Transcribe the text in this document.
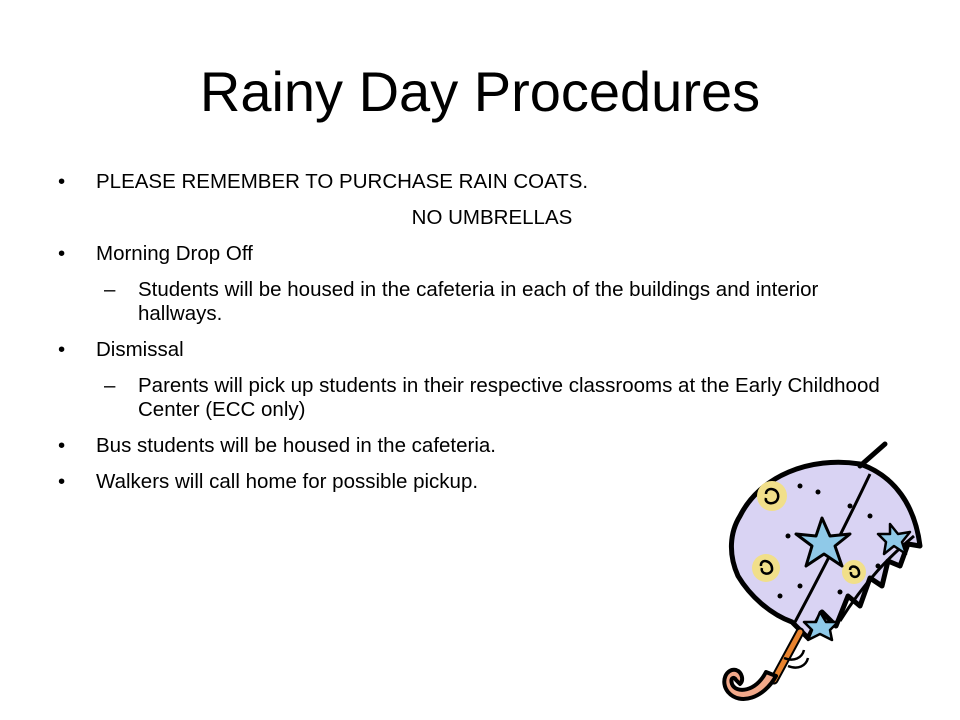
Rainy Day Procedures
• PLEASE REMEMBER TO PURCHASE RAIN COATS.
NO UMBRELLAS
• Morning Drop Off
– Students will be housed in the cafeteria in each of the buildings and interior hallways.
• Dismissal
– Parents will pick up students in their respective classrooms at the Early Childhood Center (ECC only)
• Bus students will be housed in the cafeteria.
• Walkers will call home for possible pickup.
